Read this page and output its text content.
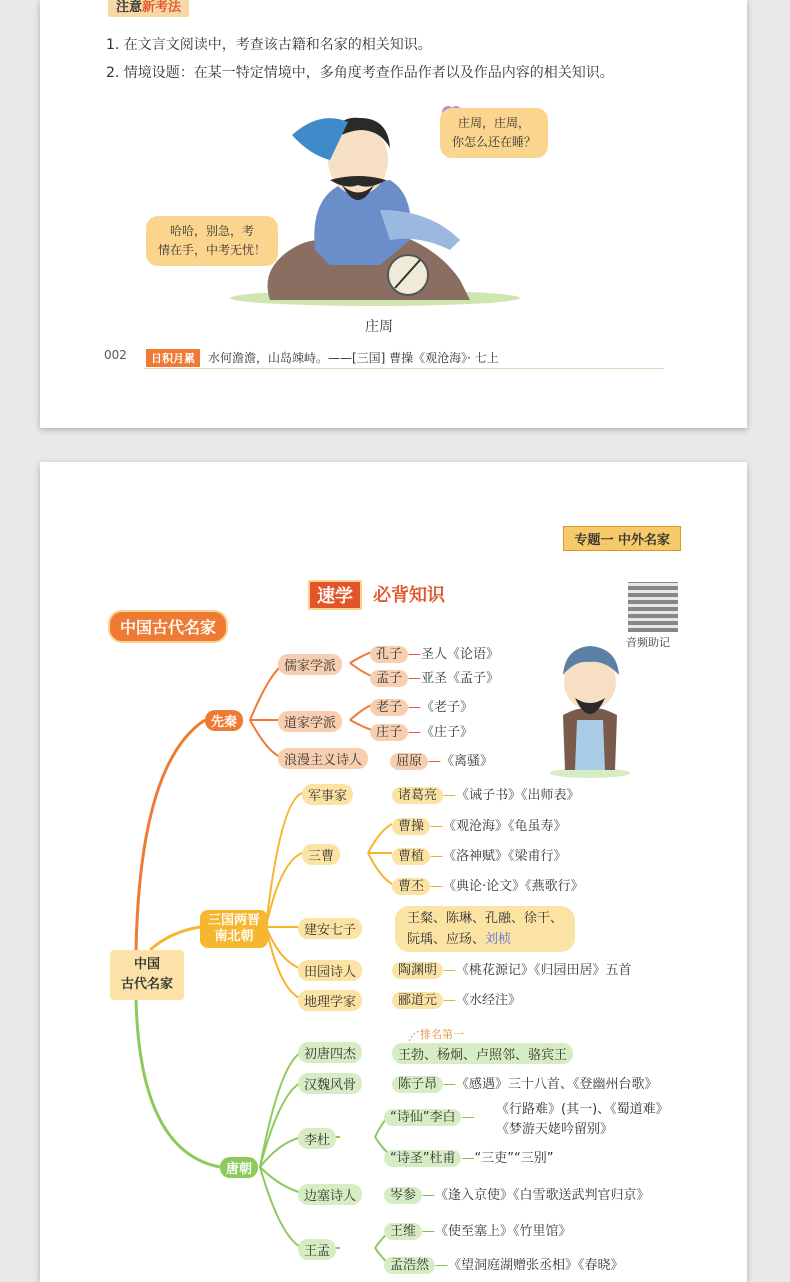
注意新考法
1. 在文言文阅读中，考查该古籍和名家的相关知识。
2. 情境设题：在某一特定情境中，多角度考查作品作者以及作品内容的相关知识。
庄周，庄周，
你怎么还在睡？
哈哈，别急，考
情在手，中考无忧！
庄周
002	日积月累	水何澹澹，山岛竦峙。——[三国] 曹操《观沧海》· 七上
专题一 中外名家
速学	必背知识
音频助记
中国古代名家
中国
古代名家
先秦
儒家学派
道家学派
浪漫主义诗人
孔子 —圣人《论语》
孟子 —亚圣《孟子》
老子 —《老子》
庄子 —《庄子》
屈原 —《离骚》
三国两晋
南北朝
军事家
三曹
建安七子
田园诗人
地理学家
诸葛亮 —《诫子书》《出师表》
曹操 —《观沧海》《龟虽寿》
曹植 —《洛神赋》《梁甫行》
曹丕 —《典论·论文》《燕歌行》
王粲、陈琳、孔融、徐干、
阮瑀、应玚、刘桢
陶渊明 —《桃花源记》《归园田居》五首
郦道元 —《水经注》
唐朝
排名第一
初唐四杰
汉魏风骨
李杜
边塞诗人
王孟
王勃、杨炯、卢照邻、骆宾王
陈子昂 —《感遇》三十八首、《登幽州台歌》
“诗仙”李白 —
《行路难》(其一)、《蜀道难》
《梦游天姥吟留别》
“诗圣”杜甫 —“三吏”“三别”
岑参 —《逢入京使》《白雪歌送武判官归京》
王维 —《使至塞上》《竹里馆》
孟浩然 —《望洞庭湖赠张丞相》《春晓》
